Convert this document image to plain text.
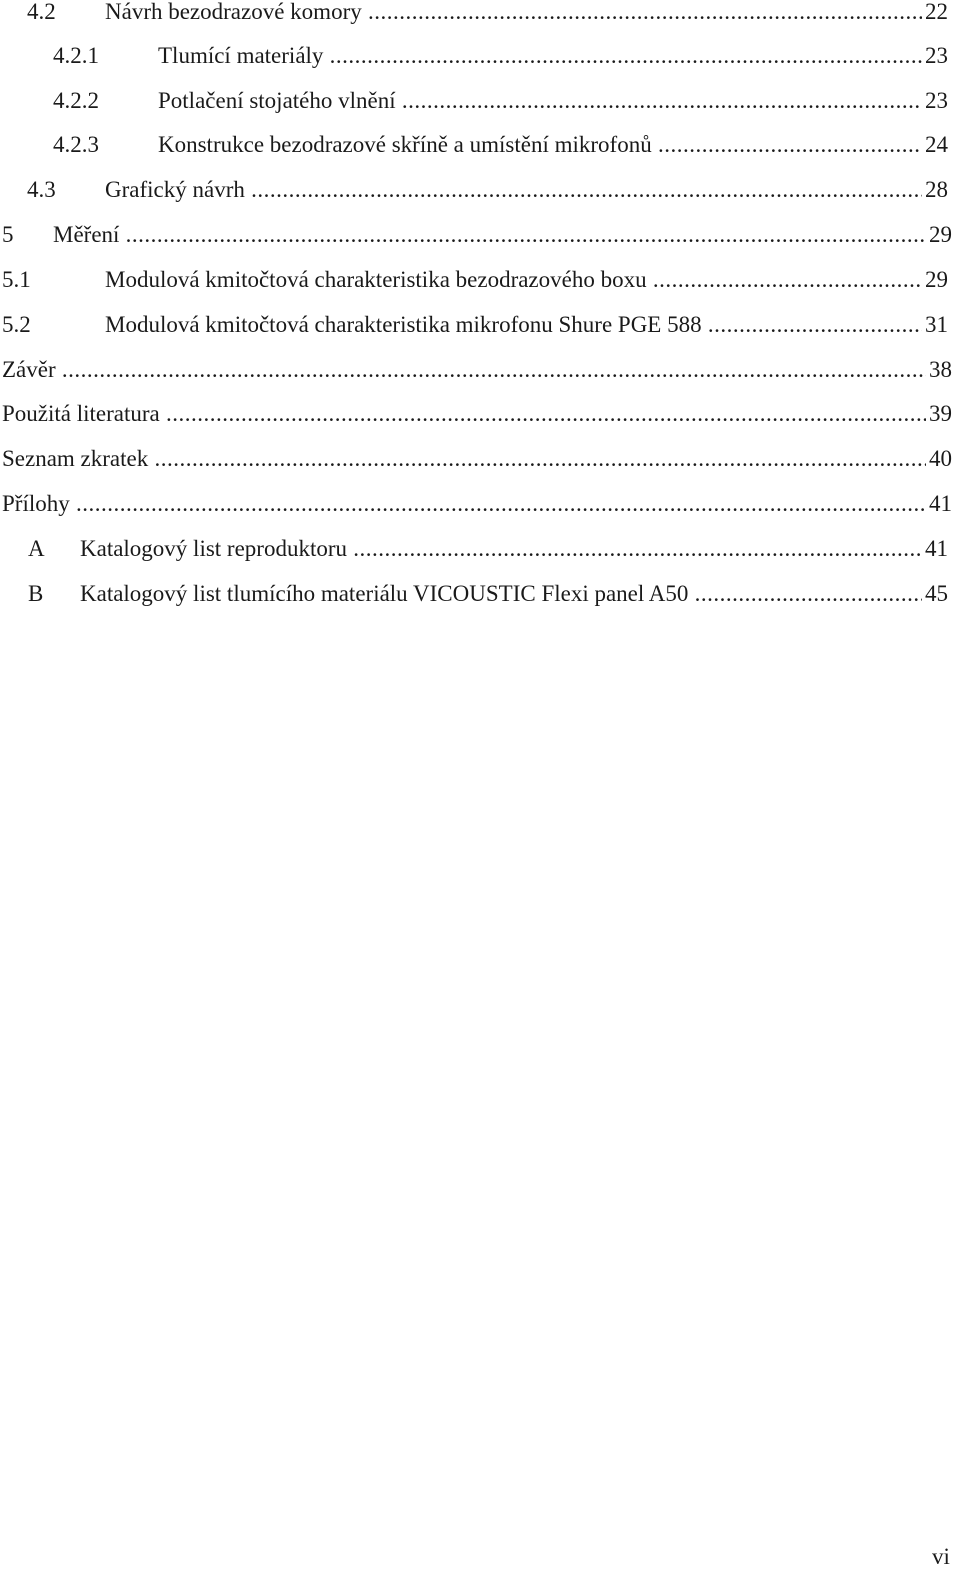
4.2 Návrh bezodrazové komory .....	22
4.2.1	Tlumící materiály .....	23
4.2.2	Potlačení stojatého vlnění .....	23
4.2.3	Konstrukce bezodrazové skříně a umístění mikrofonů .....	24
4.3 Grafický návrh .....	28
5 Měření .....	29
5.1	Modulová kmitočtová charakteristika bezodrazového boxu .....	29
5.2	Modulová kmitočtová charakteristika mikrofonu Shure PGE 588 .....	31
Závěr .....	38
Použitá literatura .....	39
Seznam zkratek .....	40
Přílohy .....	41
A Katalogový list reproduktoru .....	41
B Katalogový list tlumícího materiálu VICOUSTIC Flexi panel A50 .....	45
vi
